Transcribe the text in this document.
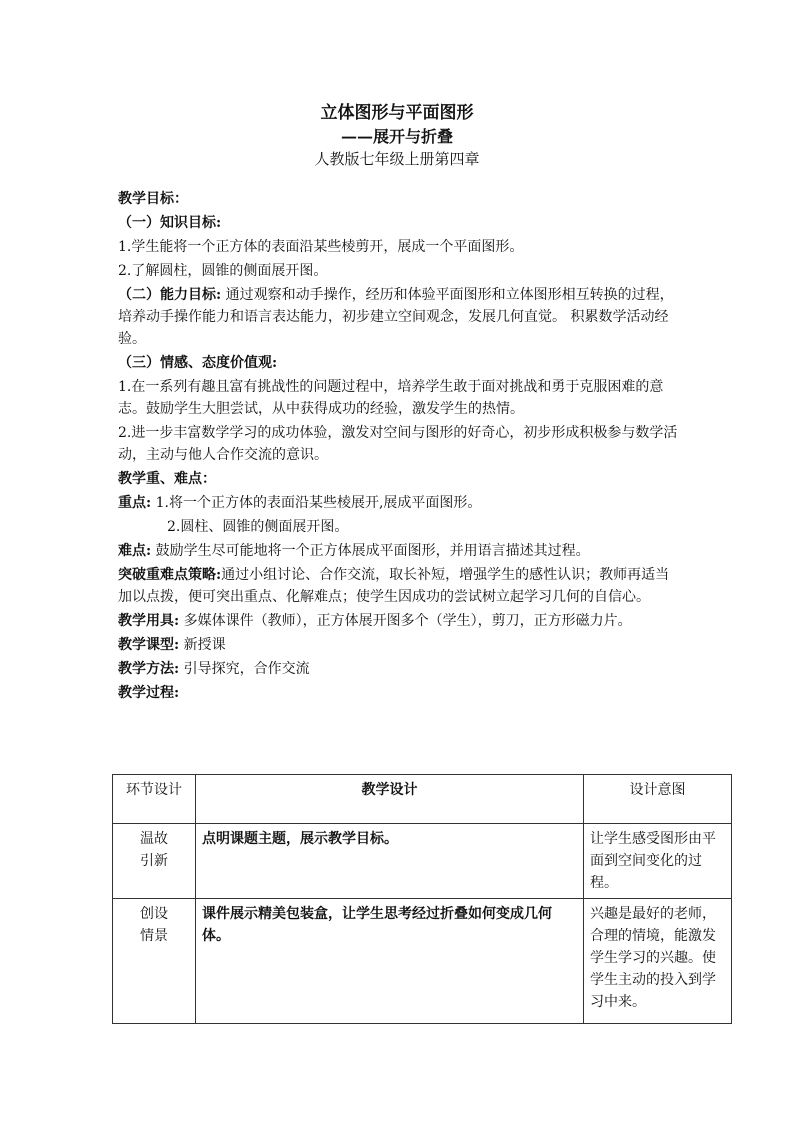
立体图形与平面图形
——展开与折叠
人教版七年级上册第四章
教学目标：
（一）知识目标:
1.学生能将一个正方体的表面沿某些棱剪开，展成一个平面图形。
2.了解圆柱，圆锥的侧面展开图。
（二）能力目标: 通过观察和动手操作，经历和体验平面图形和立体图形相互转换的过程，培养动手操作能力和语言表达能力，初步建立空间观念，发展几何直觉。 积累数学活动经验。
（三）情感、态度价值观:
1.在一系列有趣且富有挑战性的问题过程中，培养学生敢于面对挑战和勇于克服困难的意志。鼓励学生大胆尝试，从中获得成功的经验，激发学生的热情。
2.进一步丰富数学学习的成功体验，激发对空间与图形的好奇心，初步形成积极参与数学活动，主动与他人合作交流的意识。
教学重、难点：
重点: 1.将一个正方体的表面沿某些棱展开,展成平面图形。
2.圆柱、圆锥的侧面展开图。
难点: 鼓励学生尽可能地将一个正方体展成平面图形，并用语言描述其过程。
突破重难点策略:通过小组讨论、合作交流，取长补短，增强学生的感性认识；教师再适当加以点拨，便可突出重点、化解难点；使学生因成功的尝试树立起学习几何的自信心。
教学用具: 多媒体课件（教师），正方体展开图多个（学生），剪刀，正方形磁力片。
教学课型: 新授课
教学方法: 引导探究，合作交流
教学过程:
环节设计	教学设计	设计意图

温故
引新	点明课题主题，展示教学目标。	让学生感受图形由平面到空间变化的过程。

创设
情景	课件展示精美包装盒，让学生思考经过折叠如何变成几何体。	兴趣是最好的老师，合理的情境，能激发学生学习的兴趣。使学生主动的投入到学习中来。
